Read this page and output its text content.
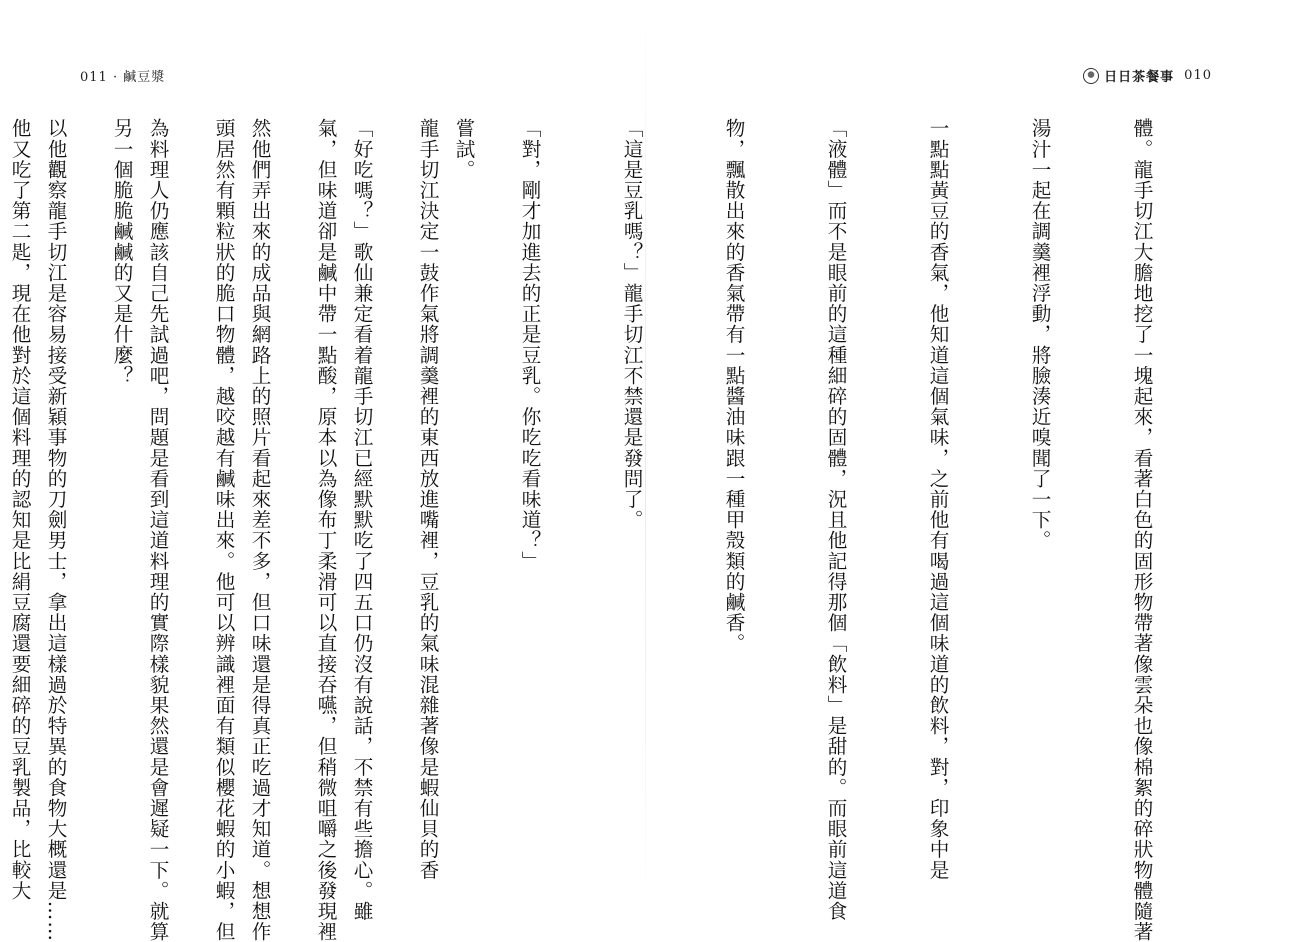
011 · 鹹豆漿

嘗試。

「好吃嗎？」歌仙兼定看着龍手切江已經默默吃了四五口仍沒有說話，不禁有些擔心。雖

然他們弄出來的成品與網路上的照片看起來差不多，但口味還是得真正吃過才知道。想想作

為料理人仍應該自己先試過吧，問題是看到這道料理的實際樣貌果然還是會遲疑一下。就算

以他觀察龍手切江是容易接受新穎事物的刀劍男士，拿出這樣過於特異的食物大概還是……

日日茶餐事 010

體。龍手切江大膽地挖了一塊起來，看著白色的固形物帶著像雲朵也像棉絮的碎狀物體隨著

湯汁一起在調羹裡浮動，將臉湊近嗅聞了一下。

一點點黃豆的香氣，他知道這個氣味，之前他有喝過這個味道的飲料，對，印象中是

「液體」而不是眼前的這種細碎的固體，況且他記得那個「飲料」是甜的。而眼前這道食

物，飄散出來的香氣帶有一點醬油味跟一種甲殼類的鹹香。

「這是豆乳嗎？」龍手切江不禁還是發問了。

「對，剛才加進去的正是豆乳。你吃吃看味道？」

龍手切江決定一鼓作氣將調羹裡的東西放進嘴裡，豆乳的氣味混雜著像是蝦仙貝的香

氣，但味道卻是鹹中帶一點酸，原本以為像布丁柔滑可以直接吞嚥，但稍微咀嚼之後發現裡

頭居然有顆粒狀的脆口物體，越咬越有鹹味出來。他可以辨識裡面有類似櫻花蝦的小蝦，但

另一個脆脆鹹鹹的又是什麼？

他又吃了第二匙，現在他對於這個料理的認知是比絹豆腐還要細碎的豆乳製品，比較大
